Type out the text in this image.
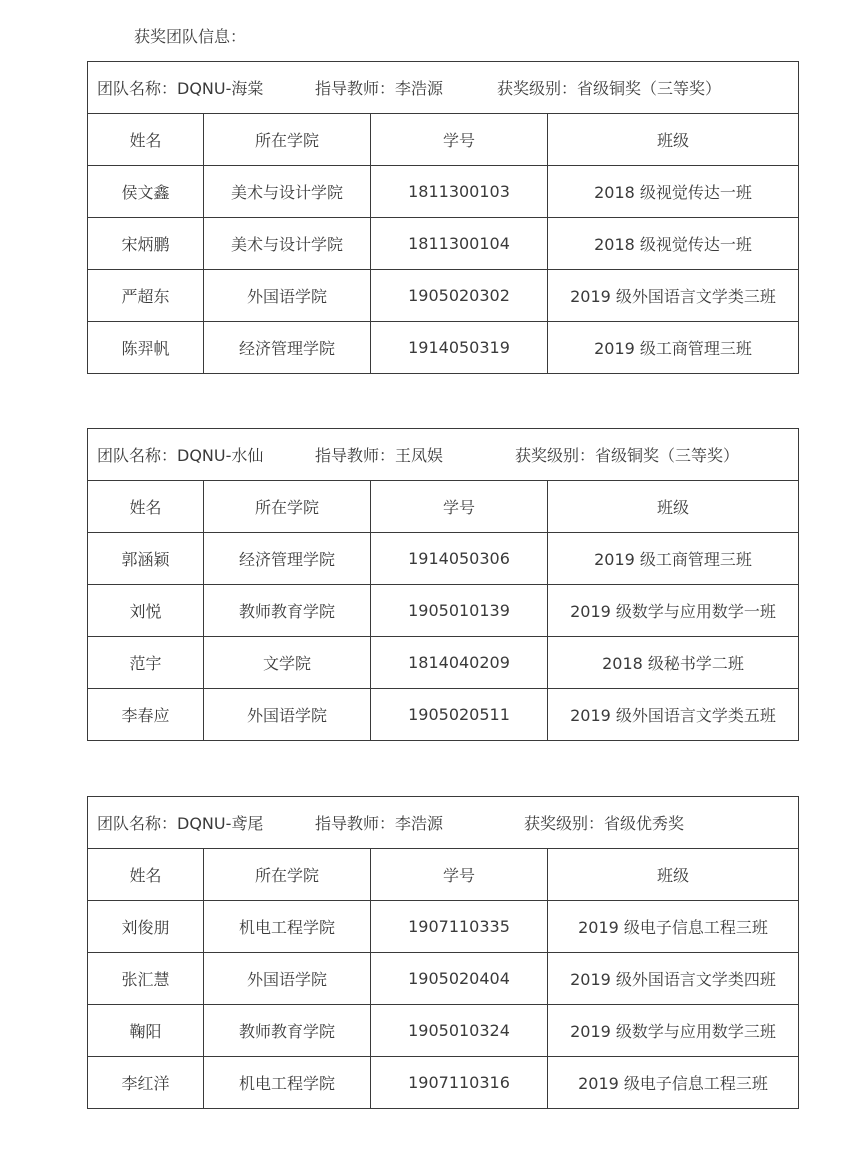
获奖团队信息：
团队名称：DQNU-海棠 指导教师：李浩源 获奖级别：省级铜奖（三等奖）			
姓名	所在学院	学号	班级
侯文鑫	美术与设计学院	1811300103	2018 级视觉传达一班
宋炳鹏	美术与设计学院	1811300104	2018 级视觉传达一班
严超东	外国语学院	1905020302	2019 级外国语言文学类三班
陈羿帆	经济管理学院	1914050319	2019 级工商管理三班
团队名称：DQNU-水仙 指导教师：王凤娱 获奖级别：省级铜奖（三等奖）			
姓名	所在学院	学号	班级
郭涵颖	经济管理学院	1914050306	2019 级工商管理三班
刘悦	教师教育学院	1905010139	2019 级数学与应用数学一班
范宇	文学院	1814040209	2018 级秘书学二班
李春应	外国语学院	1905020511	2019 级外国语言文学类五班
团队名称：DQNU-鸢尾 指导教师：李浩源 获奖级别：省级优秀奖			
姓名	所在学院	学号	班级
刘俊朋	机电工程学院	1907110335	2019 级电子信息工程三班
张汇慧	外国语学院	1905020404	2019 级外国语言文学类四班
鞠阳	教师教育学院	1905010324	2019 级数学与应用数学三班
李红洋	机电工程学院	1907110316	2019 级电子信息工程三班
